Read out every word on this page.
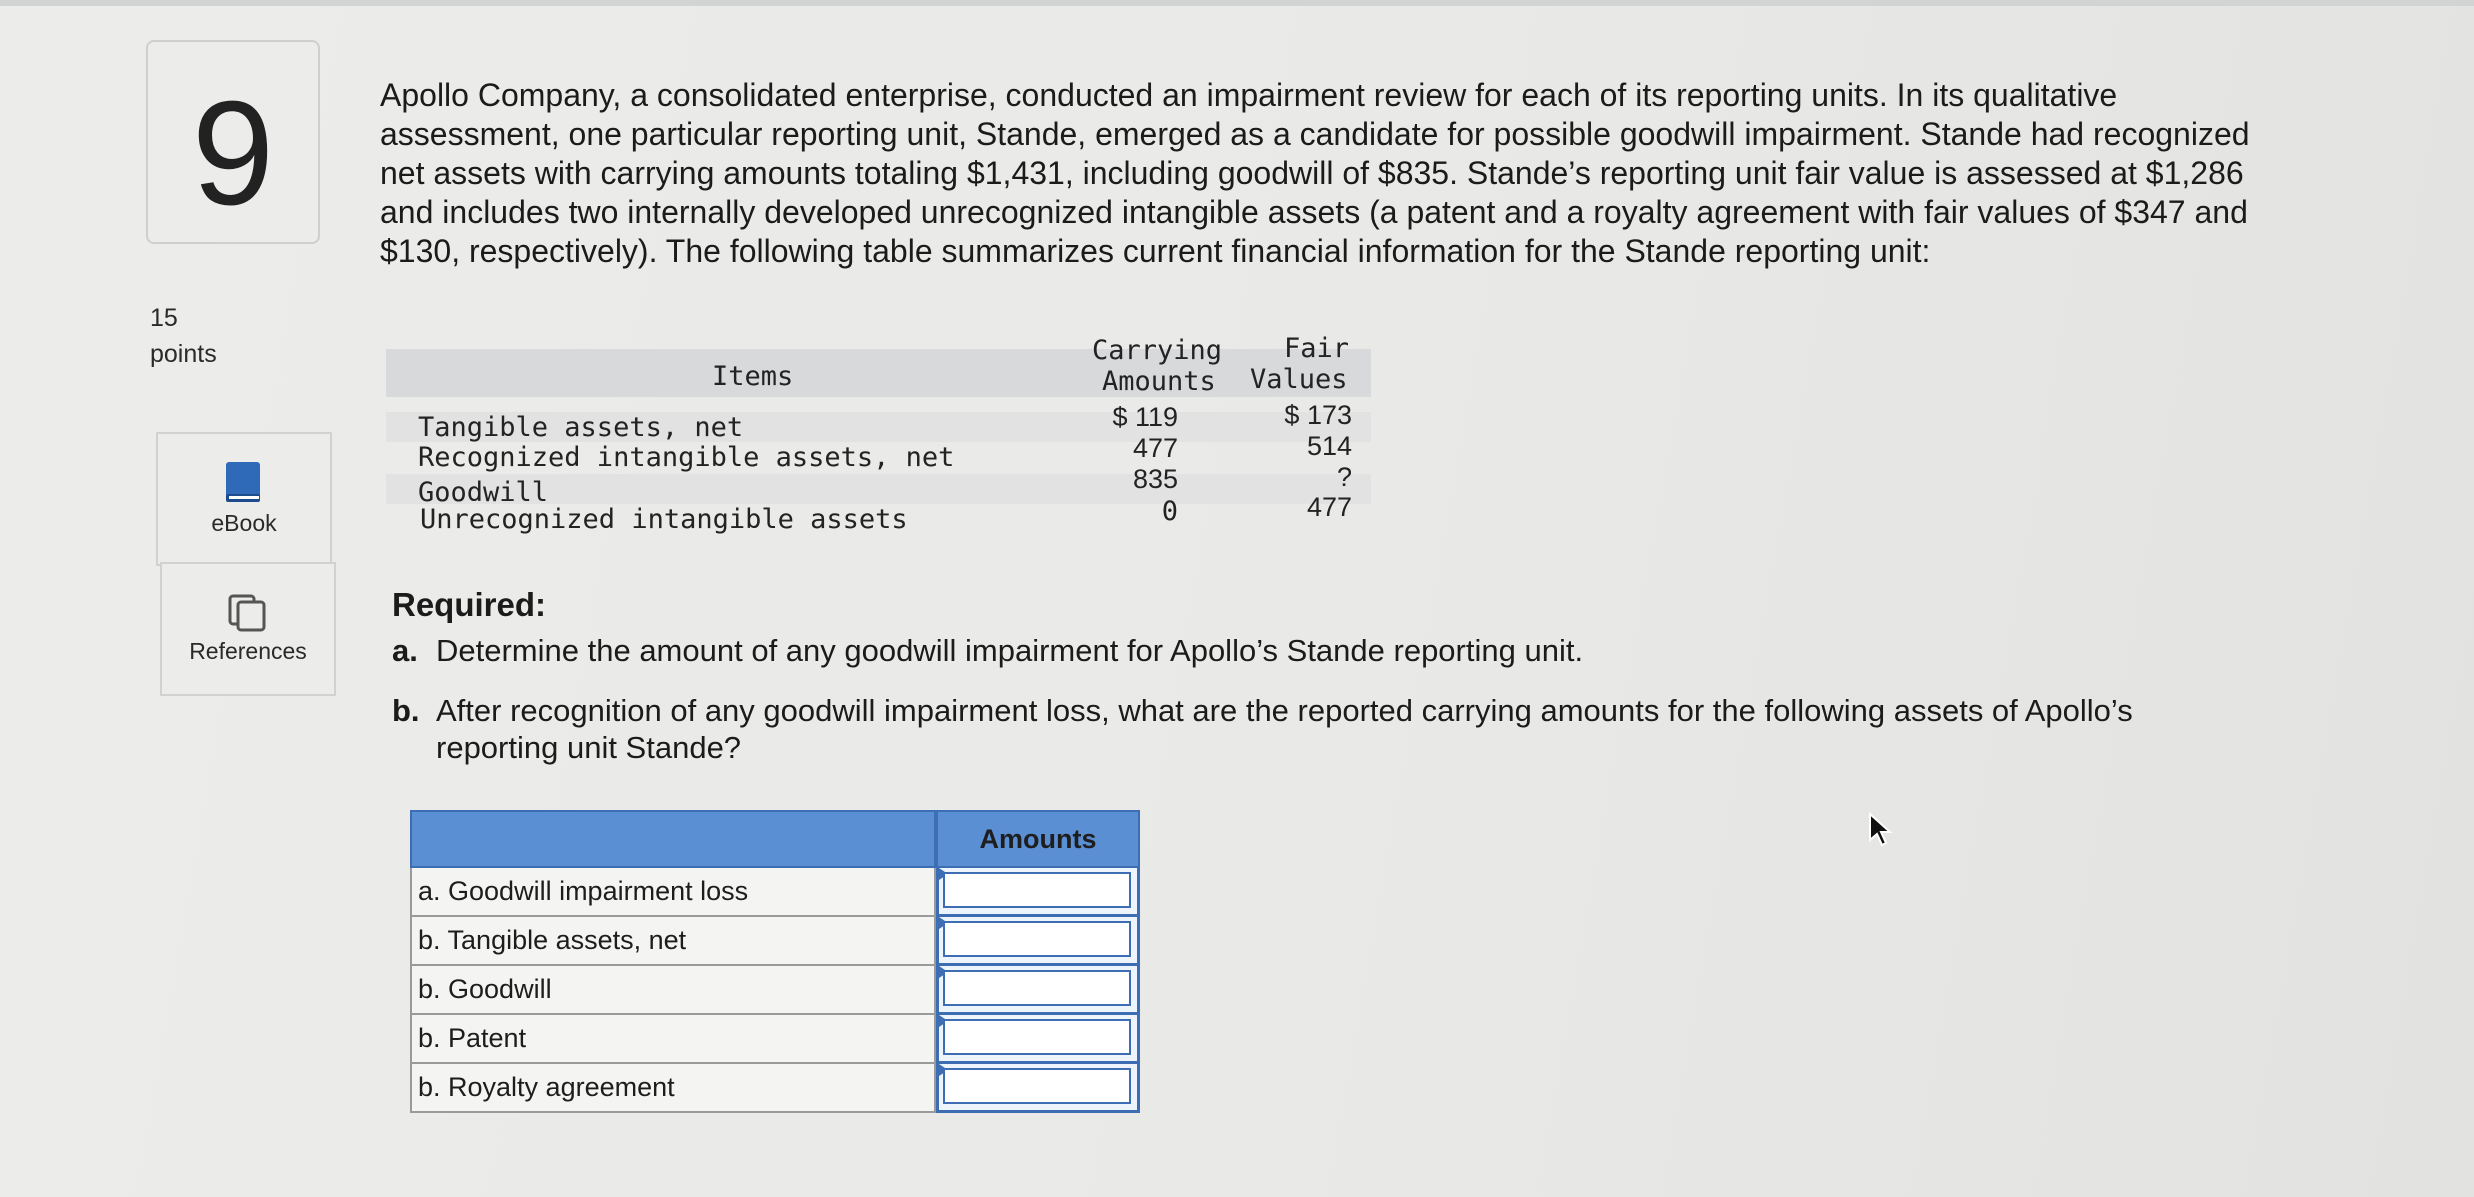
9
15
points
eBook
References
Apollo Company, a consolidated enterprise, conducted an impairment review for each of its reporting units. In its qualitative
assessment, one particular reporting unit, Stande, emerged as a candidate for possible goodwill impairment. Stande had recognized
net assets with carrying amounts totaling $1,431, including goodwill of $835. Stande’s reporting unit fair value is assessed at $1,286
and includes two internally developed unrecognized intangible assets (a patent and a royalty agreement with fair values of $347 and
$130, respectively). The following table summarizes current financial information for the Stande reporting unit:
Items
Carrying
Amounts
Fair
Values
Tangible assets, net
Recognized intangible assets, net
Goodwill
Unrecognized intangible assets
$ 119
477
835
0
$ 173
514
?
477
Required:
a. Determine the amount of any goodwill impairment for Apollo’s Stande reporting unit.
b. After recognition of any goodwill impairment loss, what are the reported carrying amounts for the following assets of Apollo’s
reporting unit Stande?
Amounts
a. Goodwill impairment loss
b. Tangible assets, net
b. Goodwill
b. Patent
b. Royalty agreement
